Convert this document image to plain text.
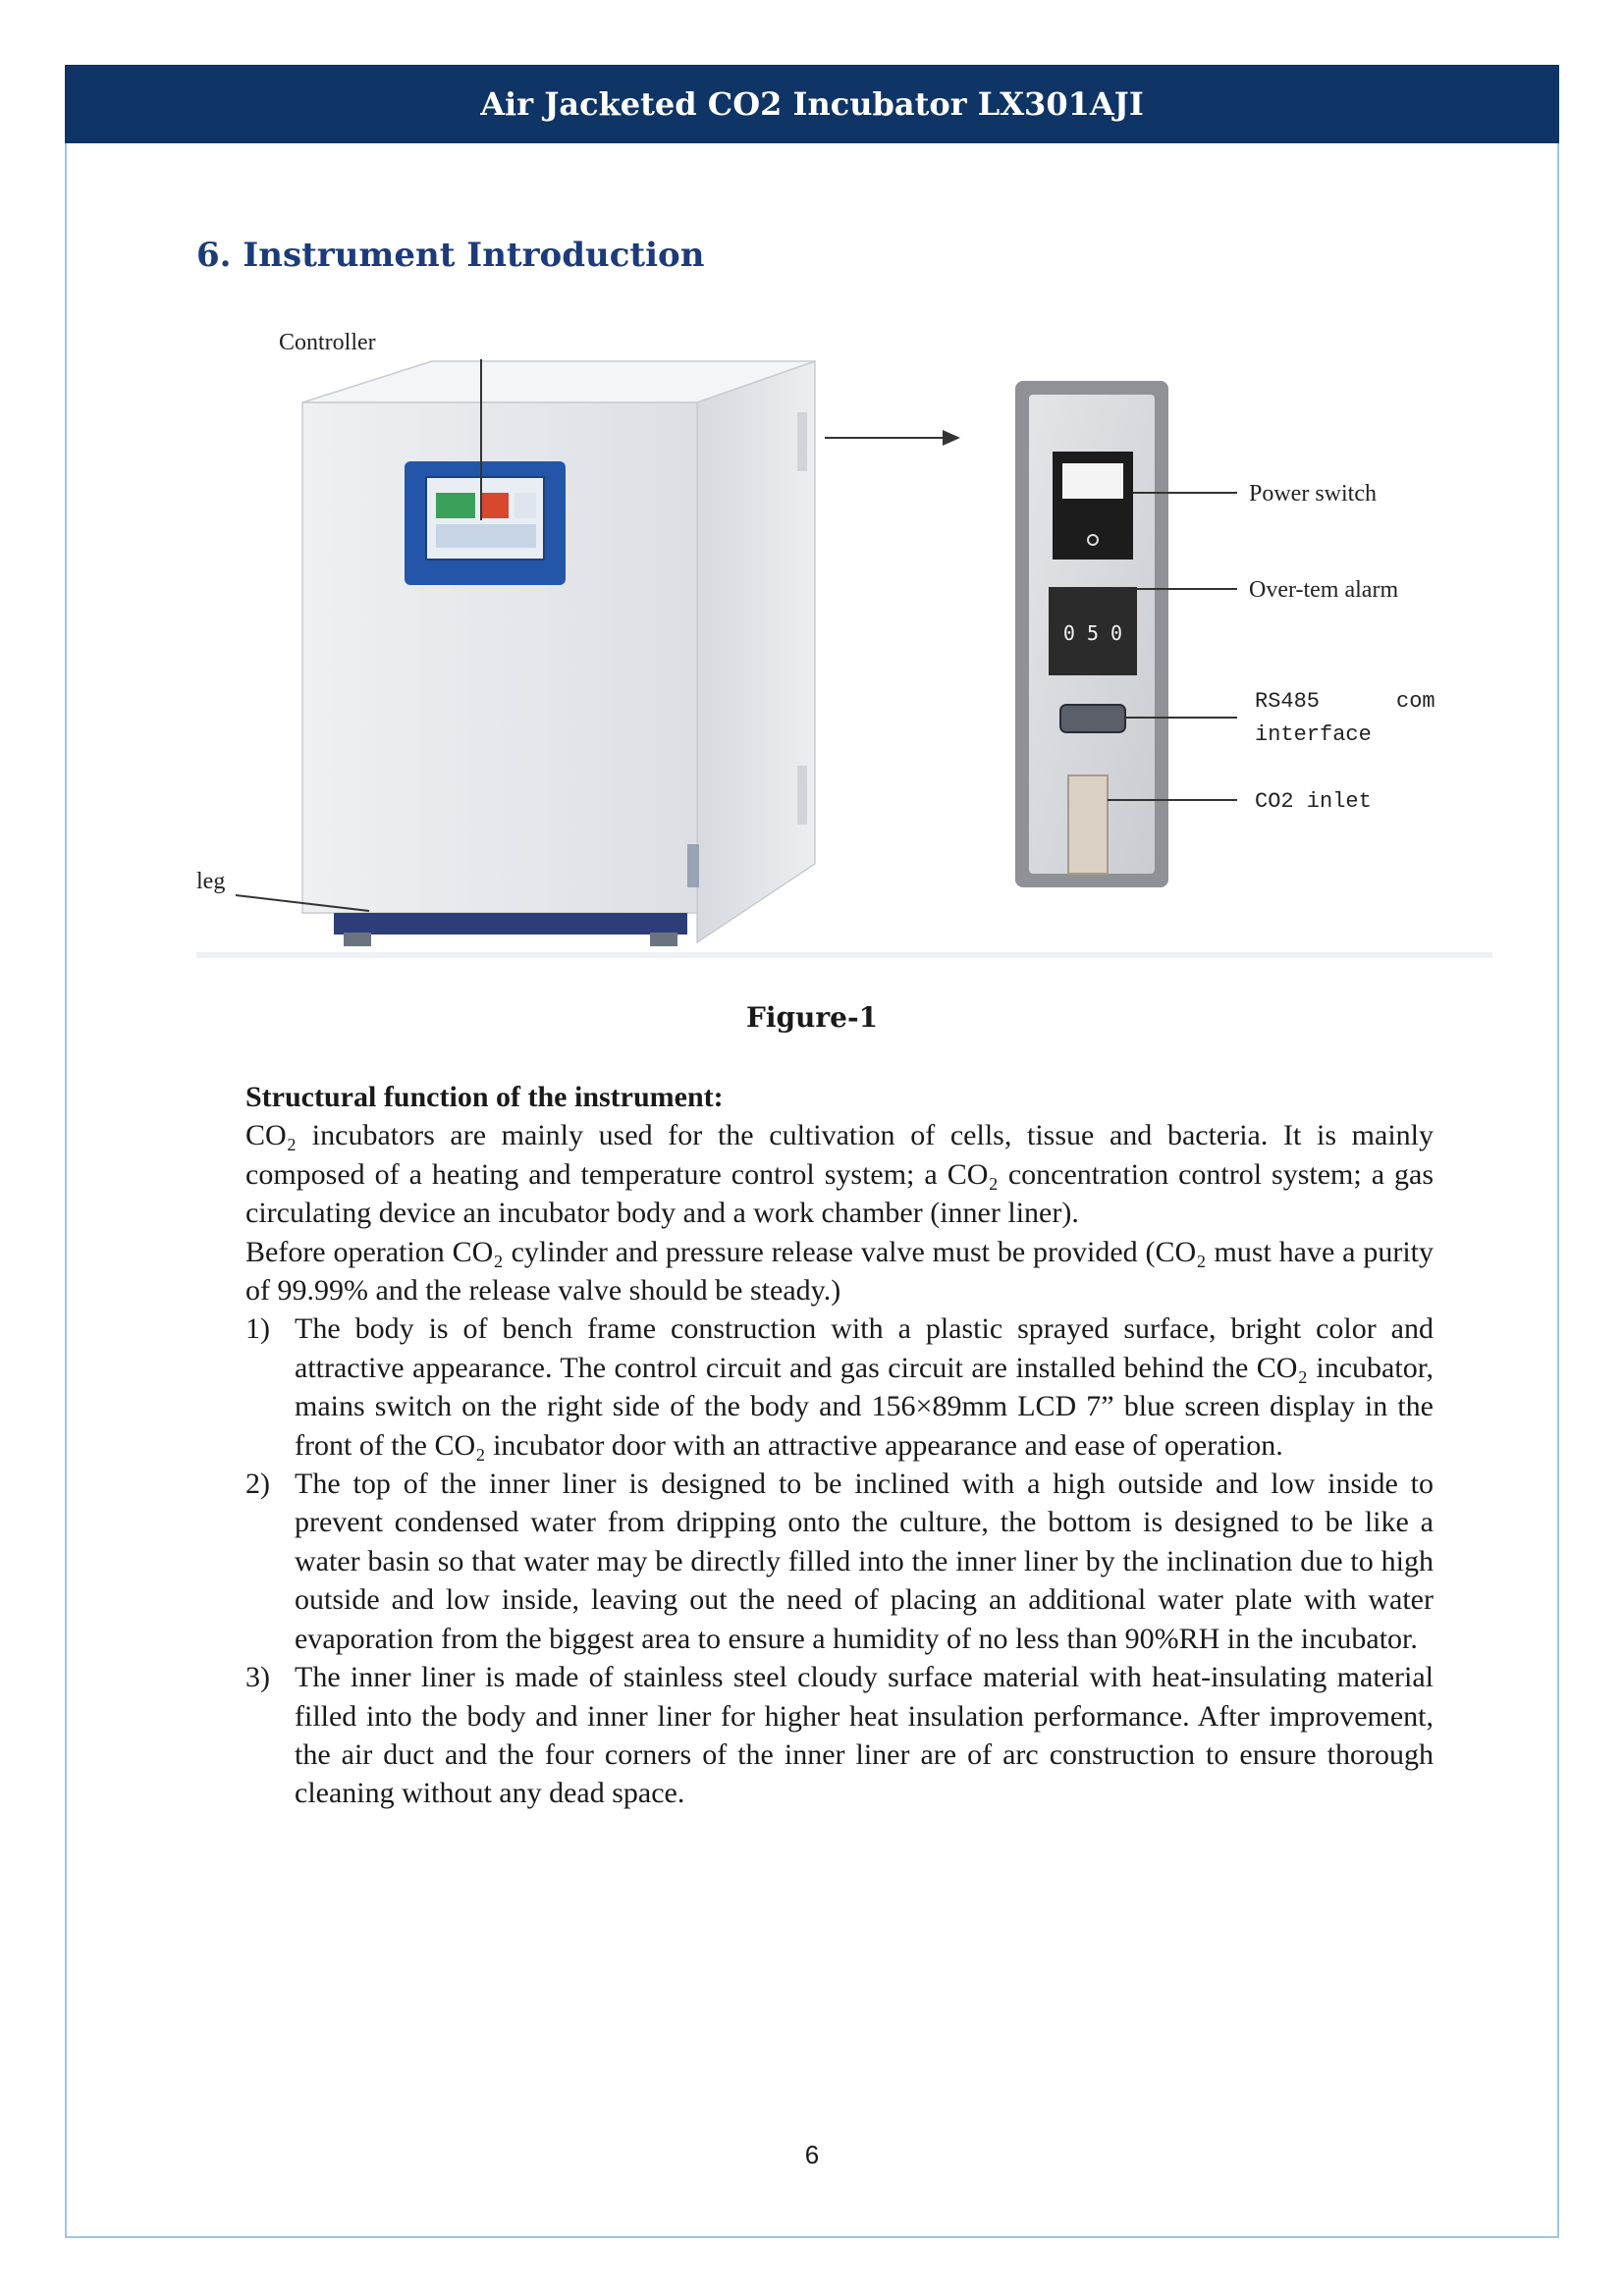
Air Jacketed CO2 Incubator LX301AJI
6. Instrument Introduction
Controller
leg
0 5 0
Power switch
Over-tem alarm
RS485	com
interface
CO2 inlet
Figure-1

Structural function of the instrument:

CO₂ incubators are mainly used for the cultivation of cells, tissue and bacteria. It is mainly composed of a heating and temperature control system; a CO₂ concentration control system; a gas circulating device an incubator body and a work chamber (inner liner).

Before operation CO₂ cylinder and pressure release valve must be provided (CO₂ must have a purity of 99.99% and the release valve should be steady.)

1) The body is of bench frame construction with a plastic sprayed surface, bright color and attractive appearance. The control circuit and gas circuit are installed behind the CO₂ incubator, mains switch on the right side of the body and 156×89mm LCD 7” blue screen display in the front of the CO₂ incubator door with an attractive appearance and ease of operation.
2) The top of the inner liner is designed to be inclined with a high outside and low inside to prevent condensed water from dripping onto the culture, the bottom is designed to be like a water basin so that water may be directly filled into the inner liner by the inclination due to high outside and low inside, leaving out the need of placing an additional water plate with water evaporation from the biggest area to ensure a humidity of no less than 90%RH in the incubator.
3) The inner liner is made of stainless steel cloudy surface material with heat-insulating material filled into the body and inner liner for higher heat insulation performance. After improvement, the air duct and the four corners of the inner liner are of arc construction to ensure thorough cleaning without any dead space.
6
